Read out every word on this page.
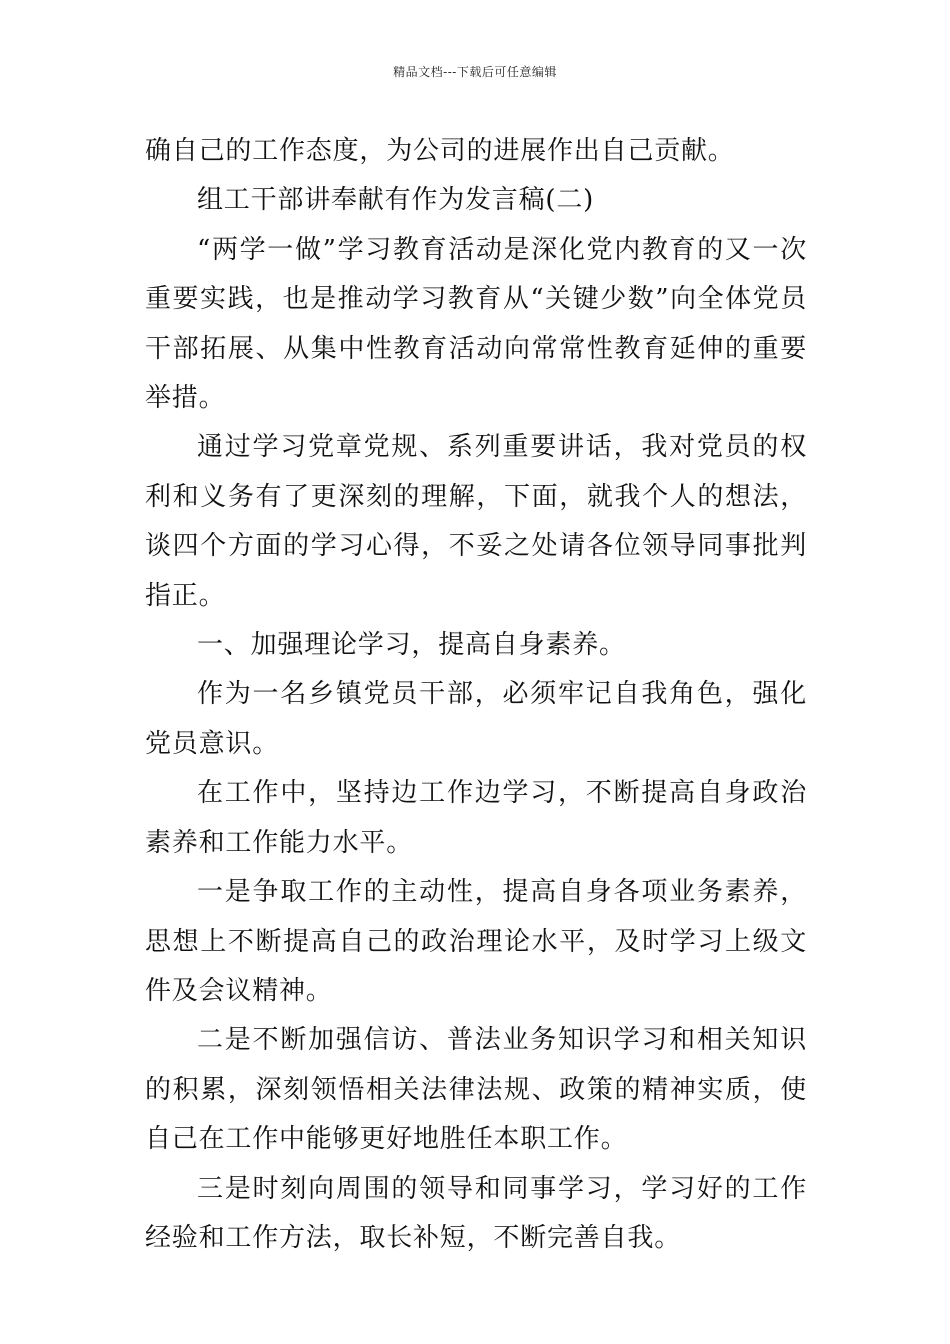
精品文档---下载后可任意编辑

确自己的工作态度，为公司的进展作出自己贡献。

组工干部讲奉献有作为发言稿(二)

“两学一做”学习教育活动是深化党内教育的又一次重要实践，也是推动学习教育从“关键少数”向全体党员干部拓展、从集中性教育活动向常常性教育延伸的重要举措。

通过学习党章党规、系列重要讲话，我对党员的权利和义务有了更深刻的理解，下面，就我个人的想法，谈四个方面的学习心得，不妥之处请各位领导同事批判指正。

一、加强理论学习，提高自身素养。

作为一名乡镇党员干部，必须牢记自我角色，强化党员意识。

在工作中，坚持边工作边学习，不断提高自身政治素养和工作能力水平。

一是争取工作的主动性，提高自身各项业务素养，思想上不断提高自己的政治理论水平，及时学习上级文件及会议精神。

二是不断加强信访、普法业务知识学习和相关知识的积累，深刻领悟相关法律法规、政策的精神实质，使自己在工作中能够更好地胜任本职工作。

三是时刻向周围的领导和同事学习，学习好的工作经验和工作方法，取长补短，不断完善自我。
